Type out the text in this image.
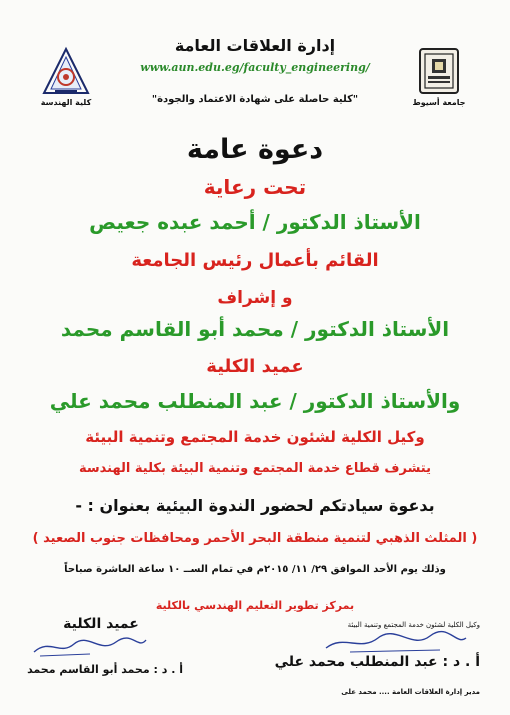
إدارة العلاقات العامة
www.aun.edu.eg/faculty_engineering/
"كلية حاصلة على شهادة الاعتماد والجودة"
كلية الهندسة	جامعة أسيوط
دعوة عامة
تحت رعاية
الأستاذ الدكتور / أحمد عبده جعيص
القائم بأعمال رئيس الجامعة
و إشراف
الأستاذ الدكتور / محمد أبو القاسم محمد
عميد الكلية
والأستاذ الدكتور / عبد المنطلب محمد علي
وكيل الكلية لشئون خدمة المجتمع وتنمية البيئة
يتشرف قطاع خدمة المجتمع وتنمية البيئة بكلية الهندسة
بدعوة سيادتكم لحضور الندوة البيئية بعنوان : -
( المثلث الذهبي لتنمية منطقة البحر الأحمر ومحافظات جنوب الصعيد )
وذلك يوم الأحد الموافق ٢٩/ ١١/ ٢٠١٥م في تمام الســ ١٠ ساعة العاشرة صباحاً
بمركز تطوير التعليم الهندسي بالكلية
عميد الكلية
أ . د : محمد أبو القاسم محمد
وكيل الكلية لشئون خدمة المجتمع وتنمية البيئة
أ . د : عبد المنطلب محمد علي
مدير إدارة العلاقات العامة .... محمد على
